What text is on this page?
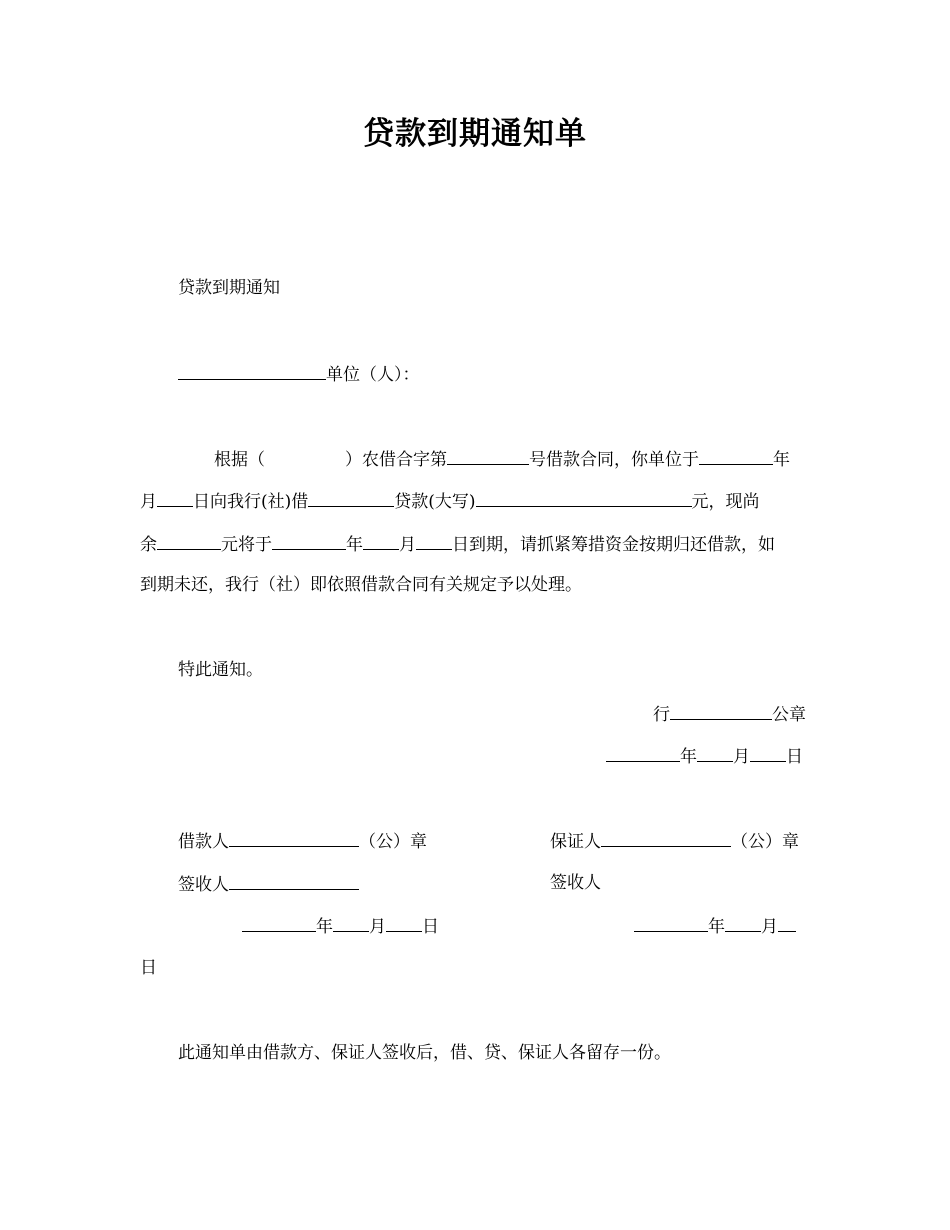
贷款到期通知单
贷款到期通知
单位（人）：
根据（	）农借合字第	号借款合同，你单位于	年
月 日向我行(社)借	贷款(大写)	元，现尚
余	元将于	年 月 日到期，请抓紧筹措资金按期归还借款，如
到期未还，我行（社）即依照借款合同有关规定予以处理。
特此通知。
行	公章
年 月 日
借款人	（公）章	保证人	（公）章
签收人	签收人
年 月 日	年 月
日
此通知单由借款方、保证人签收后，借、贷、保证人各留存一份。
